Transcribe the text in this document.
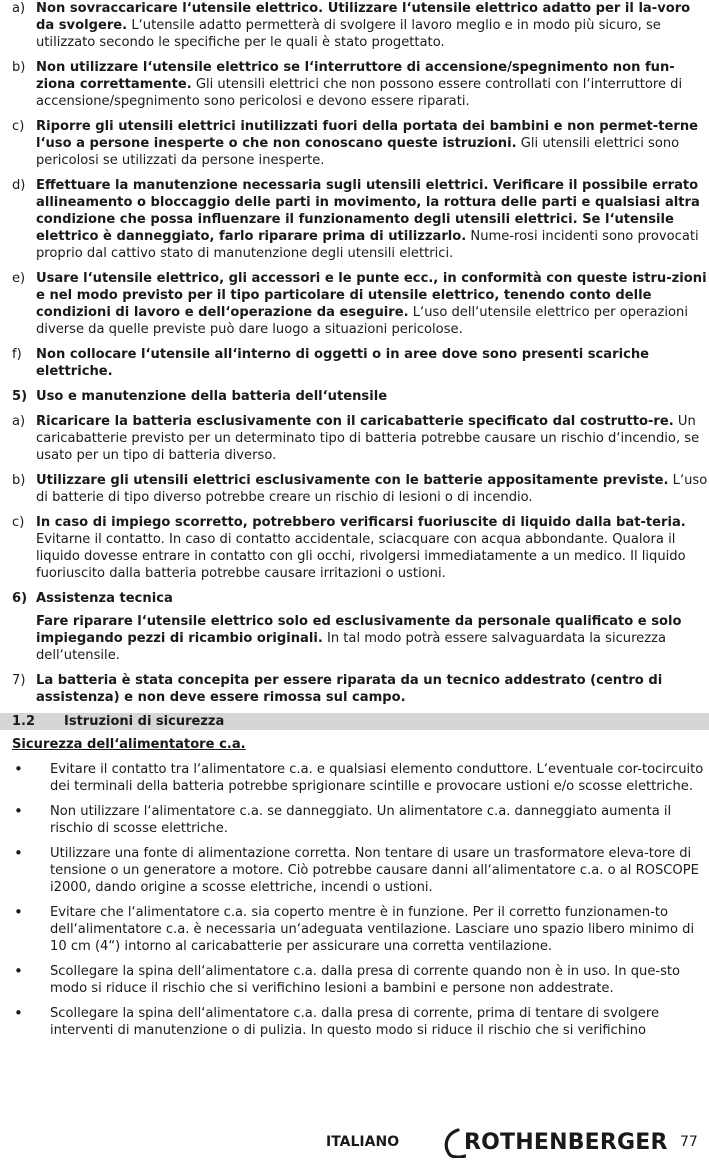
a) Non sovraccaricare l‘utensile elettrico. Utilizzare l‘utensile elettrico adatto per il la-voro da svolgere. L‘utensile adatto permetterà di svolgere il lavoro meglio e in modo più sicuro, se utilizzato secondo le specifiche per le quali è stato progettato.
b) Non utilizzare l‘utensile elettrico se l‘interruttore di accensione/spegnimento non fun-ziona correttamente. Gli utensili elettrici che non possono essere controllati con l‘interruttore di accensione/spegnimento sono pericolosi e devono essere riparati.
c) Riporre gli utensili elettrici inutilizzati fuori della portata dei bambini e non permet-terne l‘uso a persone inesperte o che non conoscano queste istruzioni. Gli utensili elettrici sono pericolosi se utilizzati da persone inesperte.
d) Effettuare la manutenzione necessaria sugli utensili elettrici. Verificare il possibile errato allineamento o bloccaggio delle parti in movimento, la rottura delle parti e qualsiasi altra condizione che possa influenzare il funzionamento degli utensili elettrici. Se l‘utensile elettrico è danneggiato, farlo riparare prima di utilizzarlo. Nume-rosi incidenti sono provocati proprio dal cattivo stato di manutenzione degli utensili elettrici.
e) Usare l‘utensile elettrico, gli accessori e le punte ecc., in conformità con queste istru-zioni e nel modo previsto per il tipo particolare di utensile elettrico, tenendo conto delle condizioni di lavoro e dell‘operazione da eseguire. L‘uso dell‘utensile elettrico per operazioni diverse da quelle previste può dare luogo a situazioni pericolose.
f) Non collocare l‘utensile all‘interno di oggetti o in aree dove sono presenti scariche elettriche.
5) Uso e manutenzione della batteria dell‘utensile
a) Ricaricare la batteria esclusivamente con il caricabatterie specificato dal costrutto-re. Un caricabatterie previsto per un determinato tipo di batteria potrebbe causare un rischio d‘incendio, se usato per un tipo di batteria diverso.
b) Utilizzare gli utensili elettrici esclusivamente con le batterie appositamente previste. L‘uso di batterie di tipo diverso potrebbe creare un rischio di lesioni o di incendio.
c) In caso di impiego scorretto, potrebbero verificarsi fuoriuscite di liquido dalla bat-teria. Evitarne il contatto. In caso di contatto accidentale, sciacquare con acqua abbondante. Qualora il liquido dovesse entrare in contatto con gli occhi, rivolgersi immediatamente a un medico. Il liquido fuoriuscito dalla batteria potrebbe causare irritazioni o ustioni.
6) Assistenza tecnica
Fare riparare l‘utensile elettrico solo ed esclusivamente da personale qualificato e solo impiegando pezzi di ricambio originali. In tal modo potrà essere salvaguardata la sicurezza dell‘utensile.
7) La batteria è stata concepita per essere riparata da un tecnico addestrato (centro di assistenza) e non deve essere rimossa sul campo.
1.2 Istruzioni di sicurezza
Sicurezza dell‘alimentatore c.a.
• Evitare il contatto tra l‘alimentatore c.a. e qualsiasi elemento conduttore. L‘eventuale cor-tocircuito dei terminali della batteria potrebbe sprigionare scintille e provocare ustioni e/o scosse elettriche.
• Non utilizzare l‘alimentatore c.a. se danneggiato. Un alimentatore c.a. danneggiato aumenta il rischio di scosse elettriche.
• Utilizzare una fonte di alimentazione corretta. Non tentare di usare un trasformatore eleva-tore di tensione o un generatore a motore. Ciò potrebbe causare danni all‘alimentatore c.a. o al ROSCOPE i2000, dando origine a scosse elettriche, incendi o ustioni.
• Evitare che l‘alimentatore c.a. sia coperto mentre è in funzione. Per il corretto funzionamen-to dell‘alimentatore c.a. è necessaria un‘adeguata ventilazione. Lasciare uno spazio libero minimo di 10 cm (4“) intorno al caricabatterie per assicurare una corretta ventilazione.
• Scollegare la spina dell‘alimentatore c.a. dalla presa di corrente quando non è in uso. In que-sto modo si riduce il rischio che si verifichino lesioni a bambini e persone non addestrate.
• Scollegare la spina dell‘alimentatore c.a. dalla presa di corrente, prima di tentare di svolgere interventi di manutenzione o di pulizia. In questo modo si riduce il rischio che si verifichino
ITALIANO	ROTHENBERGER 77
